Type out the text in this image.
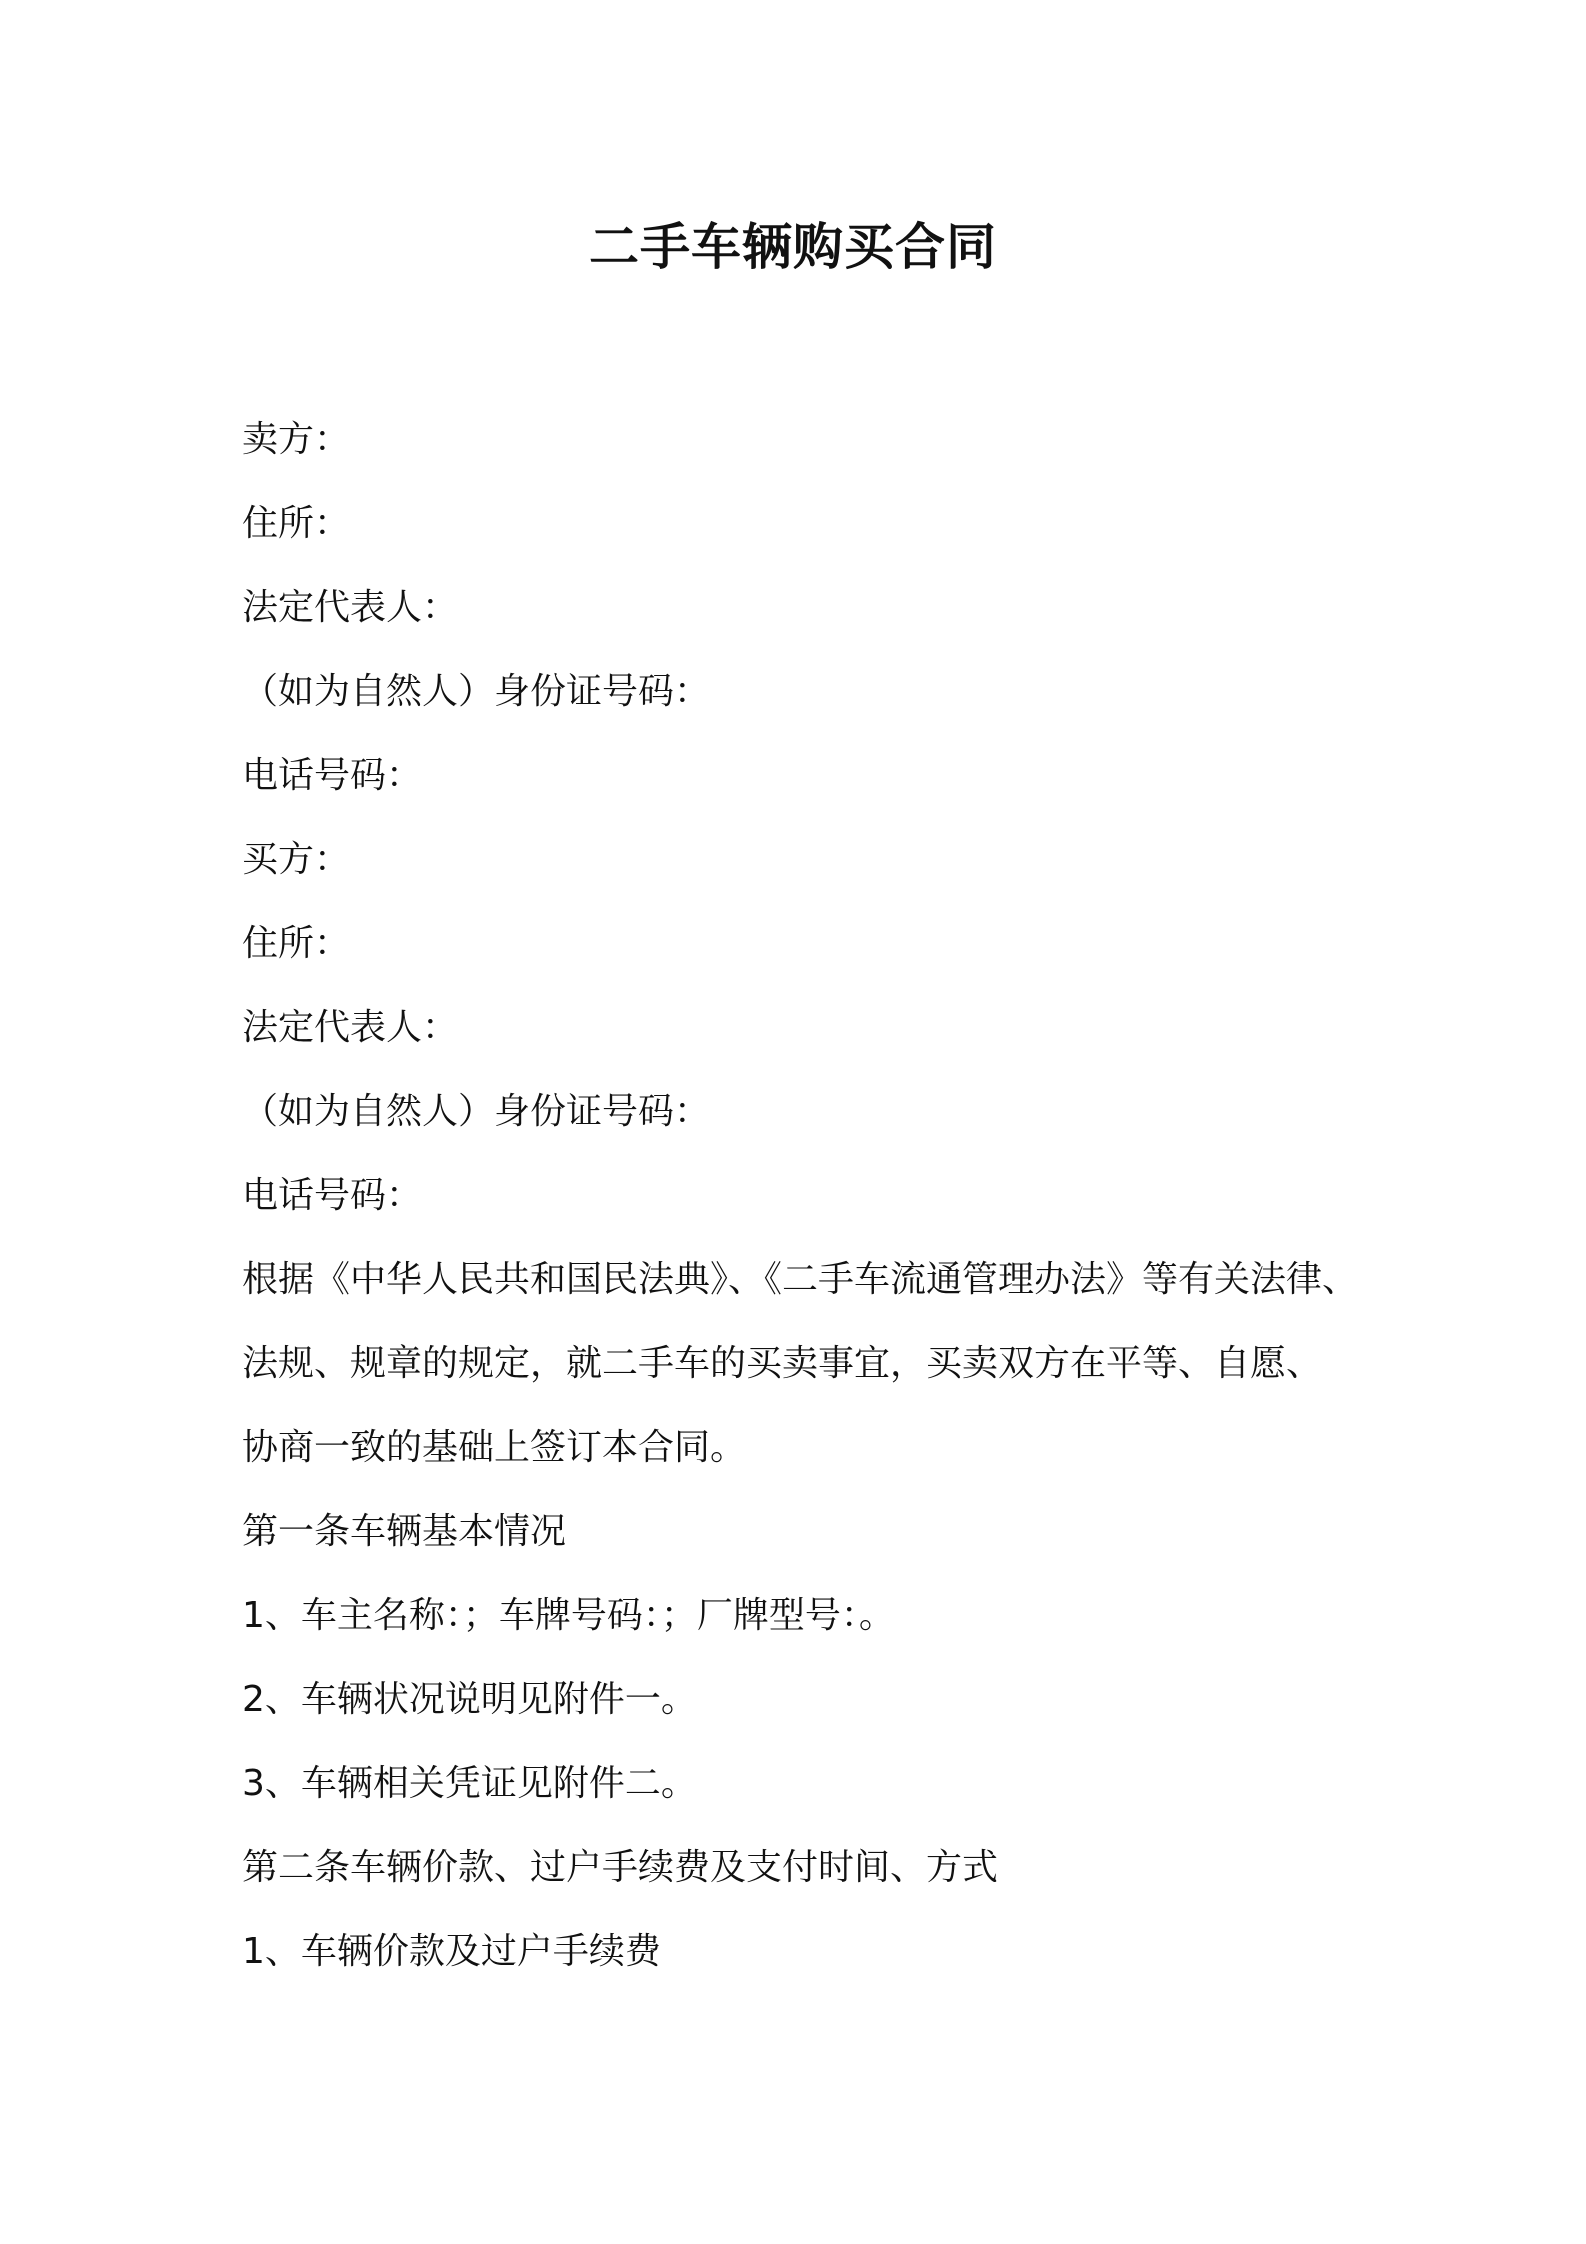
二手车辆购买合同

卖方：

住所：

法定代表人：

（如为自然人）身份证号码：

电话号码：

买方：

住所：

法定代表人：

（如为自然人）身份证号码：

电话号码：

根据《中华人民共和国民法典》、《二手车流通管理办法》等有关法律、

法规、规章的规定，就二手车的买卖事宜，买卖双方在平等、自愿、

协商一致的基础上签订本合同。

第一条车辆基本情况

1、车主名称：；车牌号码：；厂牌型号：。

2、车辆状况说明见附件一。

3、车辆相关凭证见附件二。

第二条车辆价款、过户手续费及支付时间、方式

1、车辆价款及过户手续费
